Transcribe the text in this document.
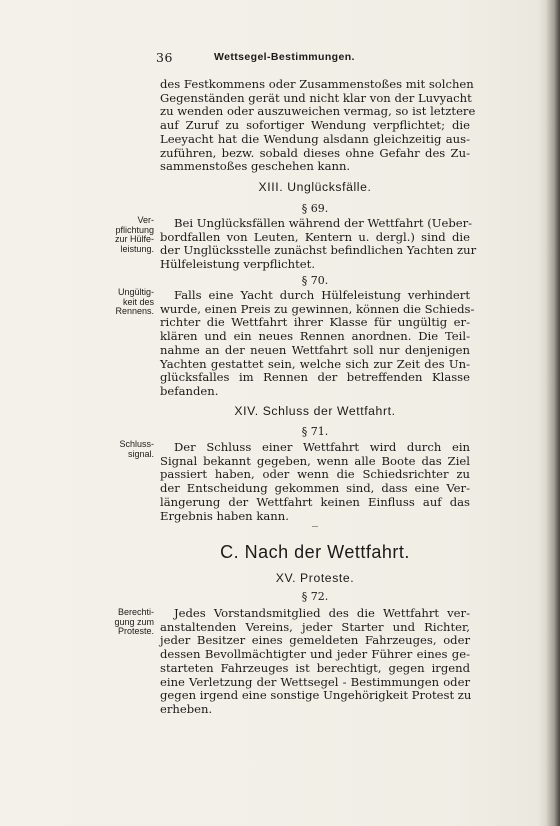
36	Wettsegel-Bestimmungen.
des Festkommens oder Zusammenstoßes mit solchen
Gegenständen gerät und nicht klar von der Luvyacht
zu wenden oder auszuweichen vermag, so ist letztere
auf Zuruf zu sofortiger Wendung verpflichtet; die
Leeyacht hat die Wendung alsdann gleichzeitig aus-
zuführen, bezw. sobald dieses ohne Gefahr des Zu-
sammenstoßes geschehen kann.
XIII. Unglücksfälle.
§ 69.
Ver-
pflichtung
zur Hülfe-
leistung.
Bei Unglücksfällen während der Wettfahrt (Ueber-
bordfallen von Leuten, Kentern u. dergl.) sind die
der Unglücksstelle zunächst befindlichen Yachten zur
Hülfeleistung verpflichtet.
§ 70.
Ungültig-
keit des
Rennens.
Falls eine Yacht durch Hülfeleistung verhindert
wurde, einen Preis zu gewinnen, können die Schieds-
richter die Wettfahrt ihrer Klasse für ungültig er-
klären und ein neues Rennen anordnen. Die Teil-
nahme an der neuen Wettfahrt soll nur denjenigen
Yachten gestattet sein, welche sich zur Zeit des Un-
glücksfalles im Rennen der betreffenden Klasse
befanden.
XIV. Schluss der Wettfahrt.
§ 71.
Schluss-
signal.	Der Schluss einer Wettfahrt wird durch ein
Signal bekannt gegeben, wenn alle Boote das Ziel
passiert haben, oder wenn die Schiedsrichter zu
der Entscheidung gekommen sind, dass eine Ver-
längerung der Wettfahrt keinen Einfluss auf das
Ergebnis haben kann.
C. Nach der Wettfahrt.
XV. Proteste.
§ 72.
Berechti-
gung zum
Proteste.
Jedes Vorstandsmitglied des die Wettfahrt ver-
anstaltenden Vereins, jeder Starter und Richter,
jeder Besitzer eines gemeldeten Fahrzeuges, oder
dessen Bevollmächtigter und jeder Führer eines ge-
starteten Fahrzeuges ist berechtigt, gegen irgend
eine Verletzung der Wettsegel - Bestimmungen oder
gegen irgend eine sonstige Ungehörigkeit Protest zu
erheben.
